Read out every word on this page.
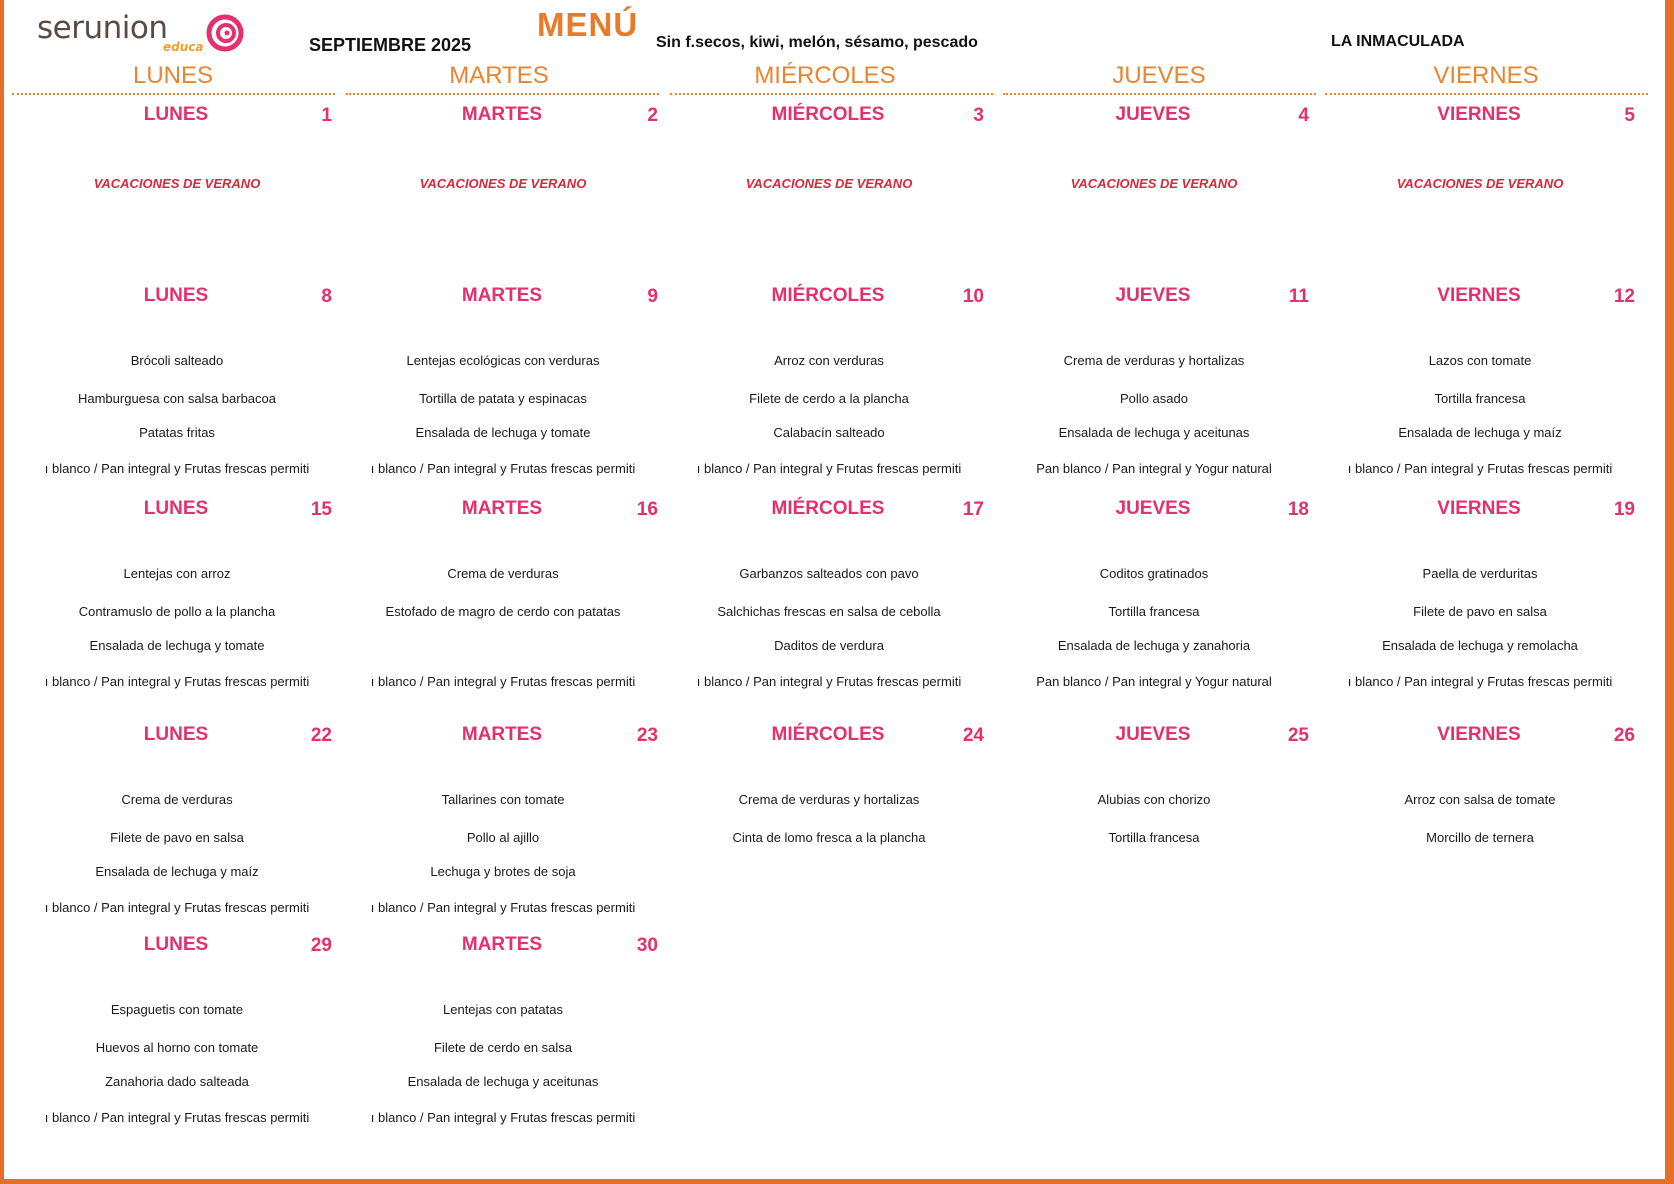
serunion
educa	SEPTIEMBRE 2025
MENÚ Sin f.secos, kiwi, melón, sésamo, pescado	LA INMACULADA
LUNES	MARTES	MIÉRCOLES	JUEVES	VIERNES
LUNES	1
VACACIONES DE VERANO
MARTES	2
VACACIONES DE VERANO
MIÉRCOLES	3
VACACIONES DE VERANO
JUEVES	4
VACACIONES DE VERANO
VIERNES	5
VACACIONES DE VERANO
LUNES	8
Brócoli salteado
Hamburguesa con salsa barbacoa
Patatas fritas
ı blanco / Pan integral y Frutas frescas permiti
MARTES	9
Lentejas ecológicas con verduras
Tortilla de patata y espinacas
Ensalada de lechuga y tomate
ı blanco / Pan integral y Frutas frescas permiti
MIÉRCOLES	10
Arroz con verduras
Filete de cerdo a la plancha
Calabacín salteado
ı blanco / Pan integral y Frutas frescas permiti
JUEVES	11
Crema de verduras y hortalizas
Pollo asado
Ensalada de lechuga y aceitunas
Pan blanco / Pan integral y Yogur natural
VIERNES	12
Lazos con tomate
Tortilla francesa
Ensalada de lechuga y maíz
ı blanco / Pan integral y Frutas frescas permiti
LUNES	15
Lentejas con arroz
Contramuslo de pollo a la plancha
Ensalada de lechuga y tomate
ı blanco / Pan integral y Frutas frescas permiti
MARTES	16
Crema de verduras
Estofado de magro de cerdo con patatas
ı blanco / Pan integral y Frutas frescas permiti
MIÉRCOLES	17
Garbanzos salteados con pavo
Salchichas frescas en salsa de cebolla
Daditos de verdura
ı blanco / Pan integral y Frutas frescas permiti
JUEVES	18
Coditos gratinados
Tortilla francesa
Ensalada de lechuga y zanahoria
Pan blanco / Pan integral y Yogur natural
VIERNES	19
Paella de verduritas
Filete de pavo en salsa
Ensalada de lechuga y remolacha
ı blanco / Pan integral y Frutas frescas permiti
LUNES	22
Crema de verduras
Filete de pavo en salsa
Ensalada de lechuga y maíz
ı blanco / Pan integral y Frutas frescas permiti
MARTES	23
Tallarines con tomate
Pollo al ajillo
Lechuga y brotes de soja
ı blanco / Pan integral y Frutas frescas permiti
MIÉRCOLES	24
Crema de verduras y hortalizas
Cinta de lomo fresca a la plancha
JUEVES	25
Alubias con chorizo
Tortilla francesa
VIERNES	26
Arroz con salsa de tomate
Morcillo de ternera
LUNES	29
Espaguetis con tomate
Huevos al horno con tomate
Zanahoria dado salteada
ı blanco / Pan integral y Frutas frescas permiti
MARTES	30
Lentejas con patatas
Filete de cerdo en salsa
Ensalada de lechuga y aceitunas
ı blanco / Pan integral y Frutas frescas permiti
